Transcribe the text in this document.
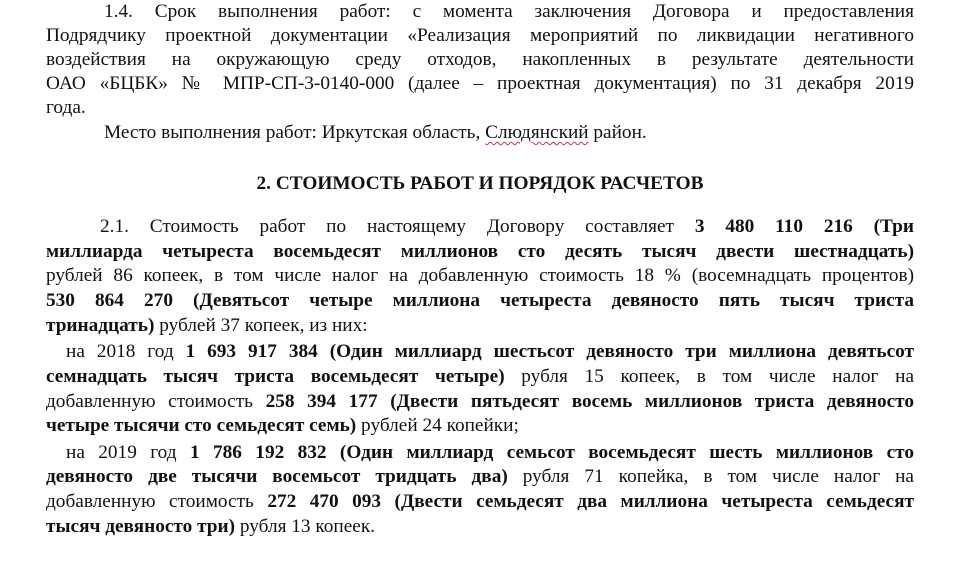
1.4. Срок выполнения работ: с момента заключения Договора и предоставления
Подрядчику проектной документации «Реализация мероприятий по ликвидации негативного
воздействия на окружающую среду отходов, накопленных в результате деятельности
ОАО «БЦБК» № МПР-СП-3-0140-000 (далее – проектная документация) по 31 декабря 2019
года.
Место выполнения работ: Иркутская область, Слюдянский район.
2. СТОИМОСТЬ РАБОТ И ПОРЯДОК РАСЧЕТОВ
2.1. Стоимость работ по настоящему Договору составляет 3 480 110 216 (Три
миллиарда четыреста восемьдесят миллионов сто десять тысяч двести шестнадцать)
рублей 86 копеек, в том числе налог на добавленную стоимость 18 % (восемнадцать процентов)
530 864 270 (Девятьсот четыре миллиона четыреста девяносто пять тысяч триста
тринадцать) рублей 37 копеек, из них:
на 2018 год 1 693 917 384 (Один миллиард шестьсот девяносто три миллиона девятьсот
семнадцать тысяч триста восемьдесят четыре) рубля 15 копеек, в том числе налог на
добавленную стоимость 258 394 177 (Двести пятьдесят восемь миллионов триста девяносто
четыре тысячи сто семьдесят семь) рублей 24 копейки;
на 2019 год 1 786 192 832 (Один миллиард семьсот восемьдесят шесть миллионов сто
девяносто две тысячи восемьсот тридцать два) рубля 71 копейка, в том числе налог на
добавленную стоимость 272 470 093 (Двести семьдесят два миллиона четыреста семьдесят
тысяч девяносто три) рубля 13 копеек.
